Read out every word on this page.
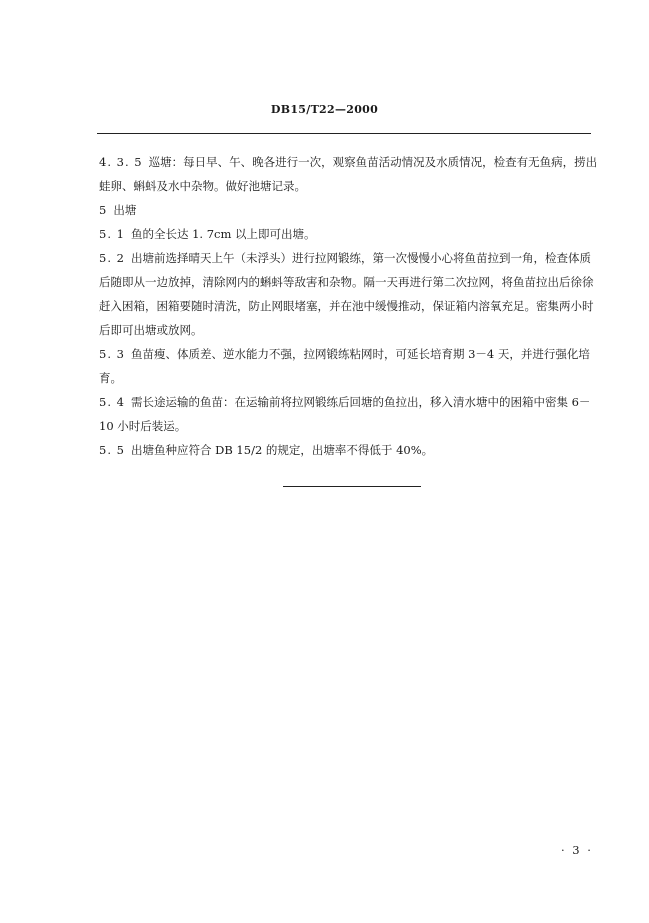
DB15/T22—2000

4. 3. 5 巡塘：每日早、午、晚各进行一次，观察鱼苗活动情况及水质情况，检查有无鱼病，捞出蛙卵、蝌蚪及水中杂物。做好池塘记录。

5 出塘

5. 1 鱼的全长达 1. 7cm 以上即可出塘。

5. 2 出塘前选择晴天上午（未浮头）进行拉网锻练，第一次慢慢小心将鱼苗拉到一角，检查体质后随即从一边放掉，清除网内的蝌蚪等敌害和杂物。隔一天再进行第二次拉网，将鱼苗拉出后徐徐赶入困箱，困箱要随时清洗，防止网眼堵塞，并在池中缓慢推动，保证箱内溶氧充足。密集两小时后即可出塘或放网。

5. 3 鱼苗瘦、体质差、逆水能力不强，拉网锻练粘网时，可延长培育期 3－4 天，并进行强化培育。

5. 4 需长途运输的鱼苗：在运输前将拉网锻练后回塘的鱼拉出，移入清水塘中的困箱中密集 6－10 小时后装运。

5. 5 出塘鱼种应符合 DB 15/2 的规定，出塘率不得低于 40%。

· 3 ·
